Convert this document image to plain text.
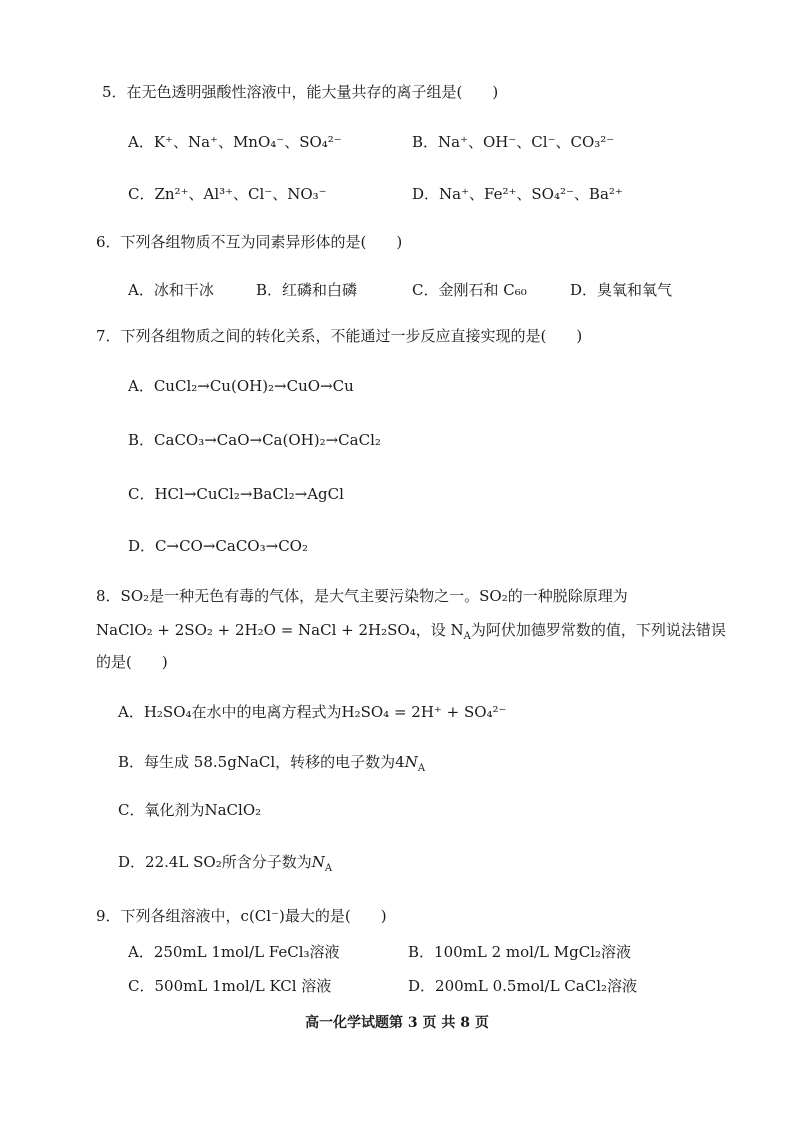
5．在无色透明强酸性溶液中，能大量共存的离子组是(　　)
A．K⁺、Na⁺、MnO₄⁻、SO₄²⁻	B．Na⁺、OH⁻、Cl⁻、CO₃²⁻
C．Zn²⁺、Al³⁺、Cl⁻、NO₃⁻	D．Na⁺、Fe²⁺、SO₄²⁻、Ba²⁺
6．下列各组物质不互为同素异形体的是(　　)
A．冰和干冰	B．红磷和白磷	C．金刚石和 C₆₀	D．臭氧和氧气
7．下列各组物质之间的转化关系，不能通过一步反应直接实现的是(　　)
A．CuCl₂→Cu(OH)₂→CuO→Cu
B．CaCO₃→CaO→Ca(OH)₂→CaCl₂
C．HCl→CuCl₂→BaCl₂→AgCl
D．C→CO→CaCO₃→CO₂
8．SO₂是一种无色有毒的气体，是大气主要污染物之一。SO₂的一种脱除原理为
NaClO₂ + 2SO₂ + 2H₂O = NaCl + 2H₂SO₄，设 $N_A$为阿伏加德罗常数的值，下列说法错误
的是(　　)
A．H₂SO₄在水中的电离方程式为H₂SO₄ = 2H⁺ + SO₄²⁻
B．每生成 58.5gNaCl，转移的电子数为$4N_A$
C．氧化剂为NaClO₂
D．22.4L SO₂所含分子数为$N_A$
9．下列各组溶液中，c(Cl⁻)最大的是(　　)
A．250mL 1mol/L FeCl₃溶液	B．100mL 2 mol/L MgCl₂溶液
C．500mL 1mol/L KCl 溶液	D．200mL 0.5mol/L CaCl₂溶液
高一化学试题第 3 页 共 8 页
